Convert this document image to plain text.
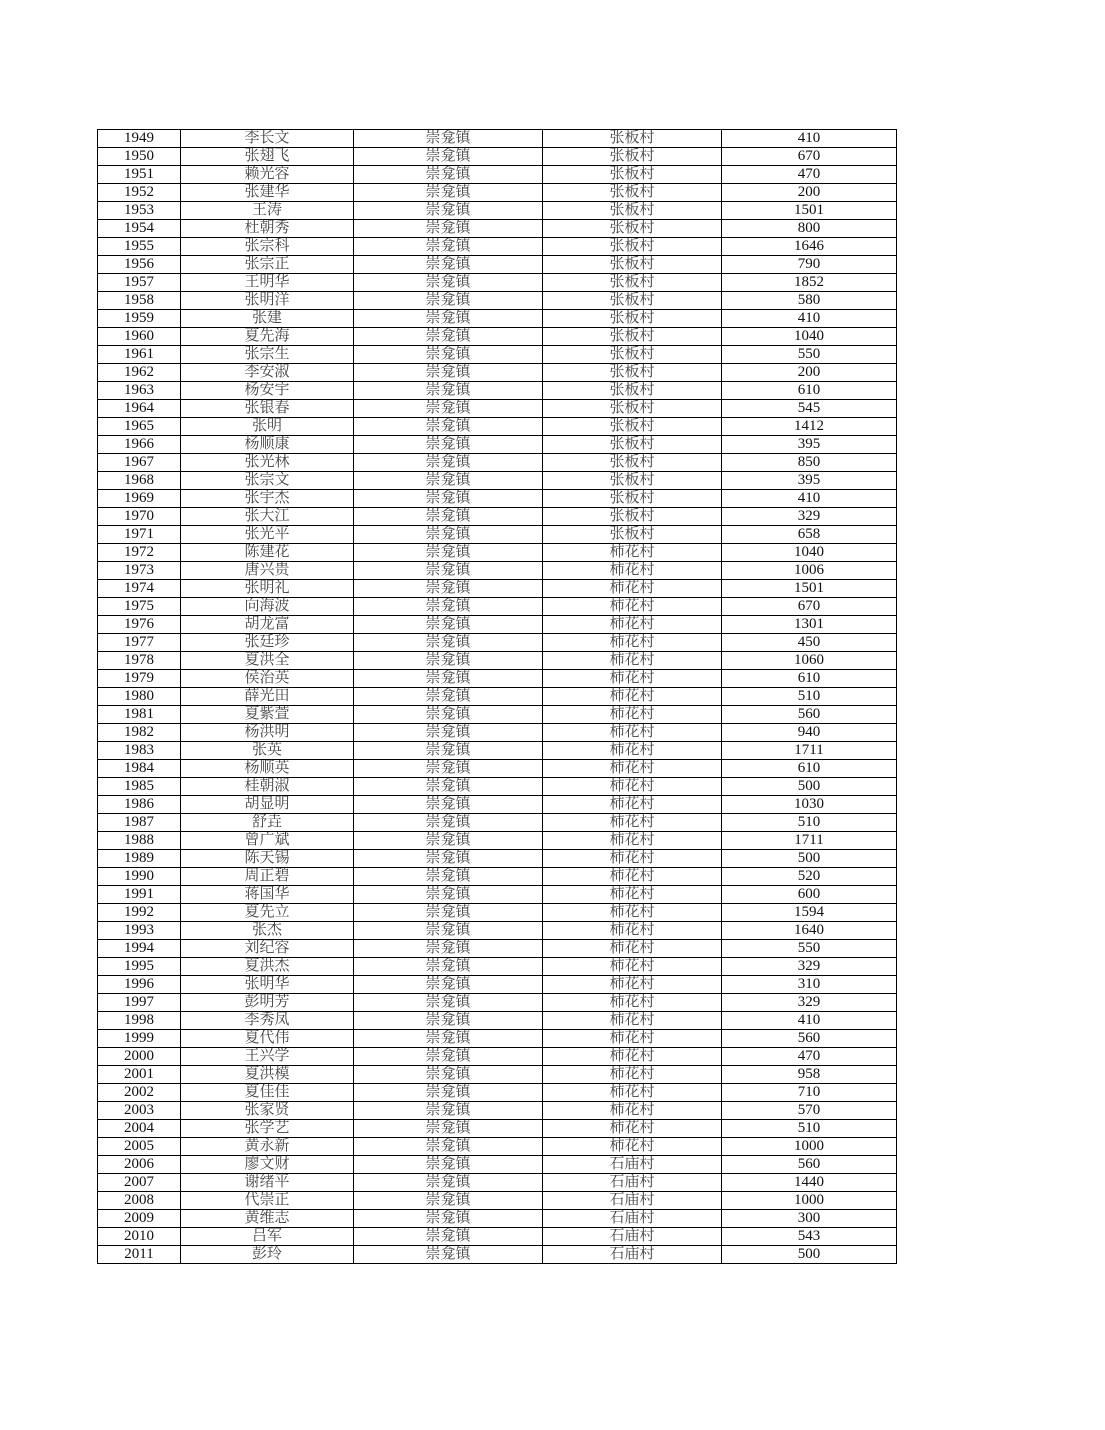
1949	李长文	崇龛镇	张板村	410
1950	张翅飞	崇龛镇	张板村	670
1951	赖光容	崇龛镇	张板村	470
1952	张建华	崇龛镇	张板村	200
1953	王涛	崇龛镇	张板村	1501
1954	杜朝秀	崇龛镇	张板村	800
1955	张宗科	崇龛镇	张板村	1646
1956	张宗正	崇龛镇	张板村	790
1957	王明华	崇龛镇	张板村	1852
1958	张明洋	崇龛镇	张板村	580
1959	张建	崇龛镇	张板村	410
1960	夏先海	崇龛镇	张板村	1040
1961	张宗生	崇龛镇	张板村	550
1962	李安淑	崇龛镇	张板村	200
1963	杨安宇	崇龛镇	张板村	610
1964	张银春	崇龛镇	张板村	545
1965	张明	崇龛镇	张板村	1412
1966	杨顺康	崇龛镇	张板村	395
1967	张光林	崇龛镇	张板村	850
1968	张宗文	崇龛镇	张板村	395
1969	张宇杰	崇龛镇	张板村	410
1970	张大江	崇龛镇	张板村	329
1971	张光平	崇龛镇	张板村	658
1972	陈建花	崇龛镇	柿花村	1040
1973	唐兴贵	崇龛镇	柿花村	1006
1974	张明礼	崇龛镇	柿花村	1501
1975	向海波	崇龛镇	柿花村	670
1976	胡龙富	崇龛镇	柿花村	1301
1977	张廷珍	崇龛镇	柿花村	450
1978	夏洪全	崇龛镇	柿花村	1060
1979	侯治英	崇龛镇	柿花村	610
1980	薛光田	崇龛镇	柿花村	510
1981	夏紫萱	崇龛镇	柿花村	560
1982	杨洪明	崇龛镇	柿花村	940
1983	张英	崇龛镇	柿花村	1711
1984	杨顺英	崇龛镇	柿花村	610
1985	桂朝淑	崇龛镇	柿花村	500
1986	胡显明	崇龛镇	柿花村	1030
1987	舒垚	崇龛镇	柿花村	510
1988	曾广斌	崇龛镇	柿花村	1711
1989	陈天锡	崇龛镇	柿花村	500
1990	周正碧	崇龛镇	柿花村	520
1991	蒋国华	崇龛镇	柿花村	600
1992	夏先立	崇龛镇	柿花村	1594
1993	张杰	崇龛镇	柿花村	1640
1994	刘纪容	崇龛镇	柿花村	550
1995	夏洪杰	崇龛镇	柿花村	329
1996	张明华	崇龛镇	柿花村	310
1997	彭明芳	崇龛镇	柿花村	329
1998	李秀凤	崇龛镇	柿花村	410
1999	夏代伟	崇龛镇	柿花村	560
2000	王兴学	崇龛镇	柿花村	470
2001	夏洪模	崇龛镇	柿花村	958
2002	夏佳佳	崇龛镇	柿花村	710
2003	张家贤	崇龛镇	柿花村	570
2004	张学艺	崇龛镇	柿花村	510
2005	黄永新	崇龛镇	柿花村	1000
2006	廖文财	崇龛镇	石庙村	560
2007	谢绪平	崇龛镇	石庙村	1440
2008	代崇正	崇龛镇	石庙村	1000
2009	黄维志	崇龛镇	石庙村	300
2010	吕军	崇龛镇	石庙村	543
2011	彭玲	崇龛镇	石庙村	500
